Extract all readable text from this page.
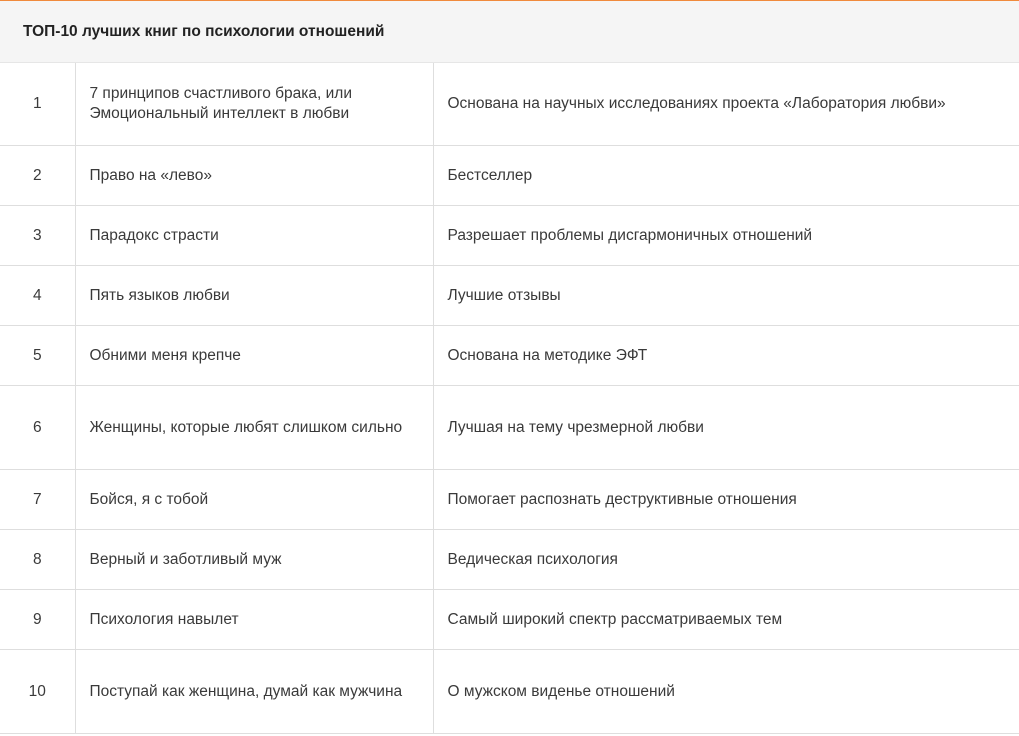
ТОП-10 лучших книг по психологии отношений
1	7 принципов счастливого брака, или Эмоциональный интеллект в любви	Основана на научных исследованиях проекта «Лаборатория любви»
2	Право на «лево»	Бестселлер
3	Парадокс страсти	Разрешает проблемы дисгармоничных отношений
4	Пять языков любви	Лучшие отзывы
5	Обними меня крепче	Основана на методике ЭФТ
6	Женщины, которые любят слишком сильно	Лучшая на тему чрезмерной любви
7	Бойся, я с тобой	Помогает распознать деструктивные отношения
8	Верный и заботливый муж	Ведическая психология
9	Психология навылет	Самый широкий спектр рассматриваемых тем
10	Поступай как женщина, думай как мужчина	О мужском виденье отношений
